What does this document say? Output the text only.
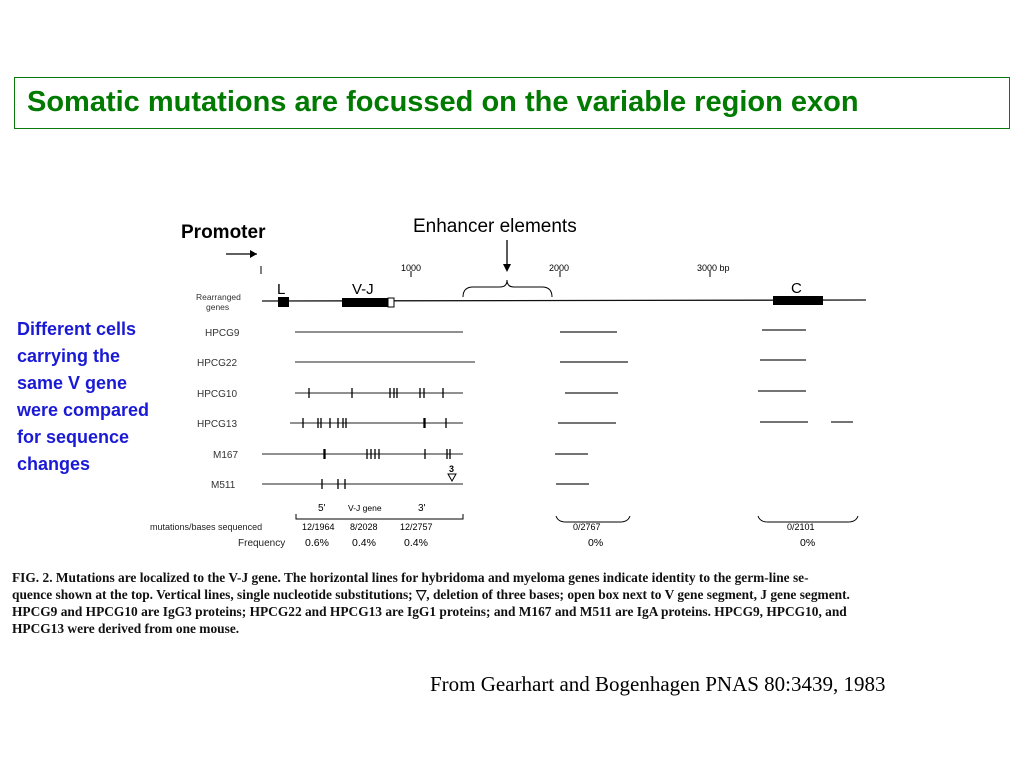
Somatic mutations are focussed on the variable region exon
Promoter	Enhancer elements
Different cells
carrying the
same V gene
were compared
for sequence
changes
1000	2000	3000 bp
Rearranged
genes
L	V-J	C
HPCG9
HPCG22
HPCG10
HPCG13
M167
3
M511
5'	V-J gene	3'
mutations/bases sequenced	12/1964 8/2028 12/2757	0/2767	0/2101
Frequency 0.6% 0.4%	0.4%	0%	0%
FIG. 2. Mutations are localized to the V-J gene. The horizontal lines for hybridoma and myeloma genes indicate identity to the germ-line se-
quence shown at the top. Vertical lines, single nucleotide substitutions; ▽, deletion of three bases; open box next to V gene segment, J gene segment.
HPCG9 and HPCG10 are IgG3 proteins; HPCG22 and HPCG13 are IgG1 proteins; and M167 and M511 are IgA proteins. HPCG9, HPCG10, and
HPCG13 were derived from one mouse.
From Gearhart and Bogenhagen PNAS 80:3439, 1983
